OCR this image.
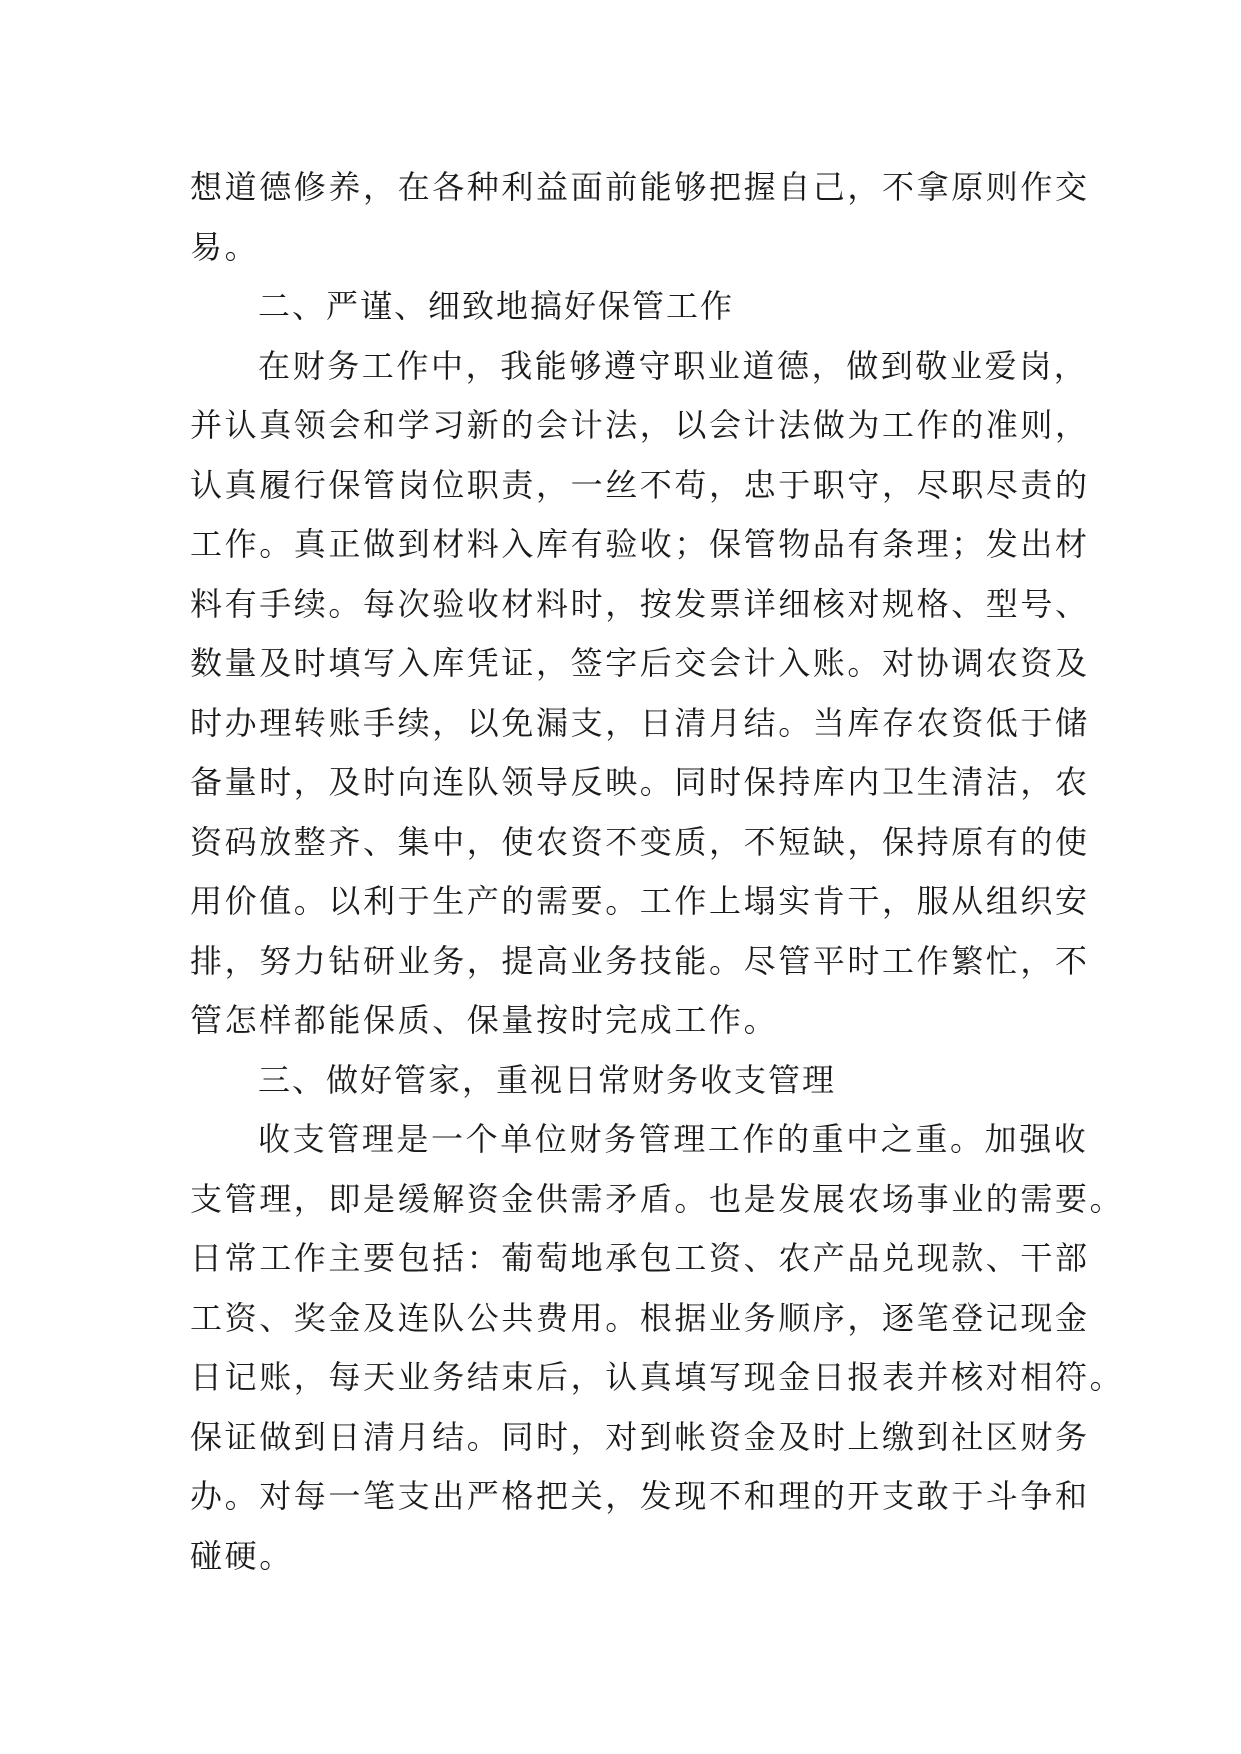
想道德修养，在各种利益面前能够把握自己，不拿原则作交
易。
二、严谨、细致地搞好保管工作
在财务工作中，我能够遵守职业道德，做到敬业爱岗，
并认真领会和学习新的会计法，以会计法做为工作的准则，
认真履行保管岗位职责，一丝不苟，忠于职守，尽职尽责的
工作。真正做到材料入库有验收；保管物品有条理；发出材
料有手续。每次验收材料时，按发票详细核对规格、型号、
数量及时填写入库凭证，签字后交会计入账。对协调农资及
时办理转账手续，以免漏支，日清月结。当库存农资低于储
备量时，及时向连队领导反映。同时保持库内卫生清洁，农
资码放整齐、集中，使农资不变质，不短缺，保持原有的使
用价值。以利于生产的需要。工作上塌实肯干，服从组织安
排，努力钻研业务，提高业务技能。尽管平时工作繁忙，不
管怎样都能保质、保量按时完成工作。
三、做好管家，重视日常财务收支管理
收支管理是一个单位财务管理工作的重中之重。加强收
支管理，即是缓解资金供需矛盾。也是发展农场事业的需要。
日常工作主要包括：葡萄地承包工资、农产品兑现款、干部
工资、奖金及连队公共费用。根据业务顺序，逐笔登记现金
日记账，每天业务结束后，认真填写现金日报表并核对相符。
保证做到日清月结。同时，对到帐资金及时上缴到社区财务
办。对每一笔支出严格把关，发现不和理的开支敢于斗争和
碰硬。
